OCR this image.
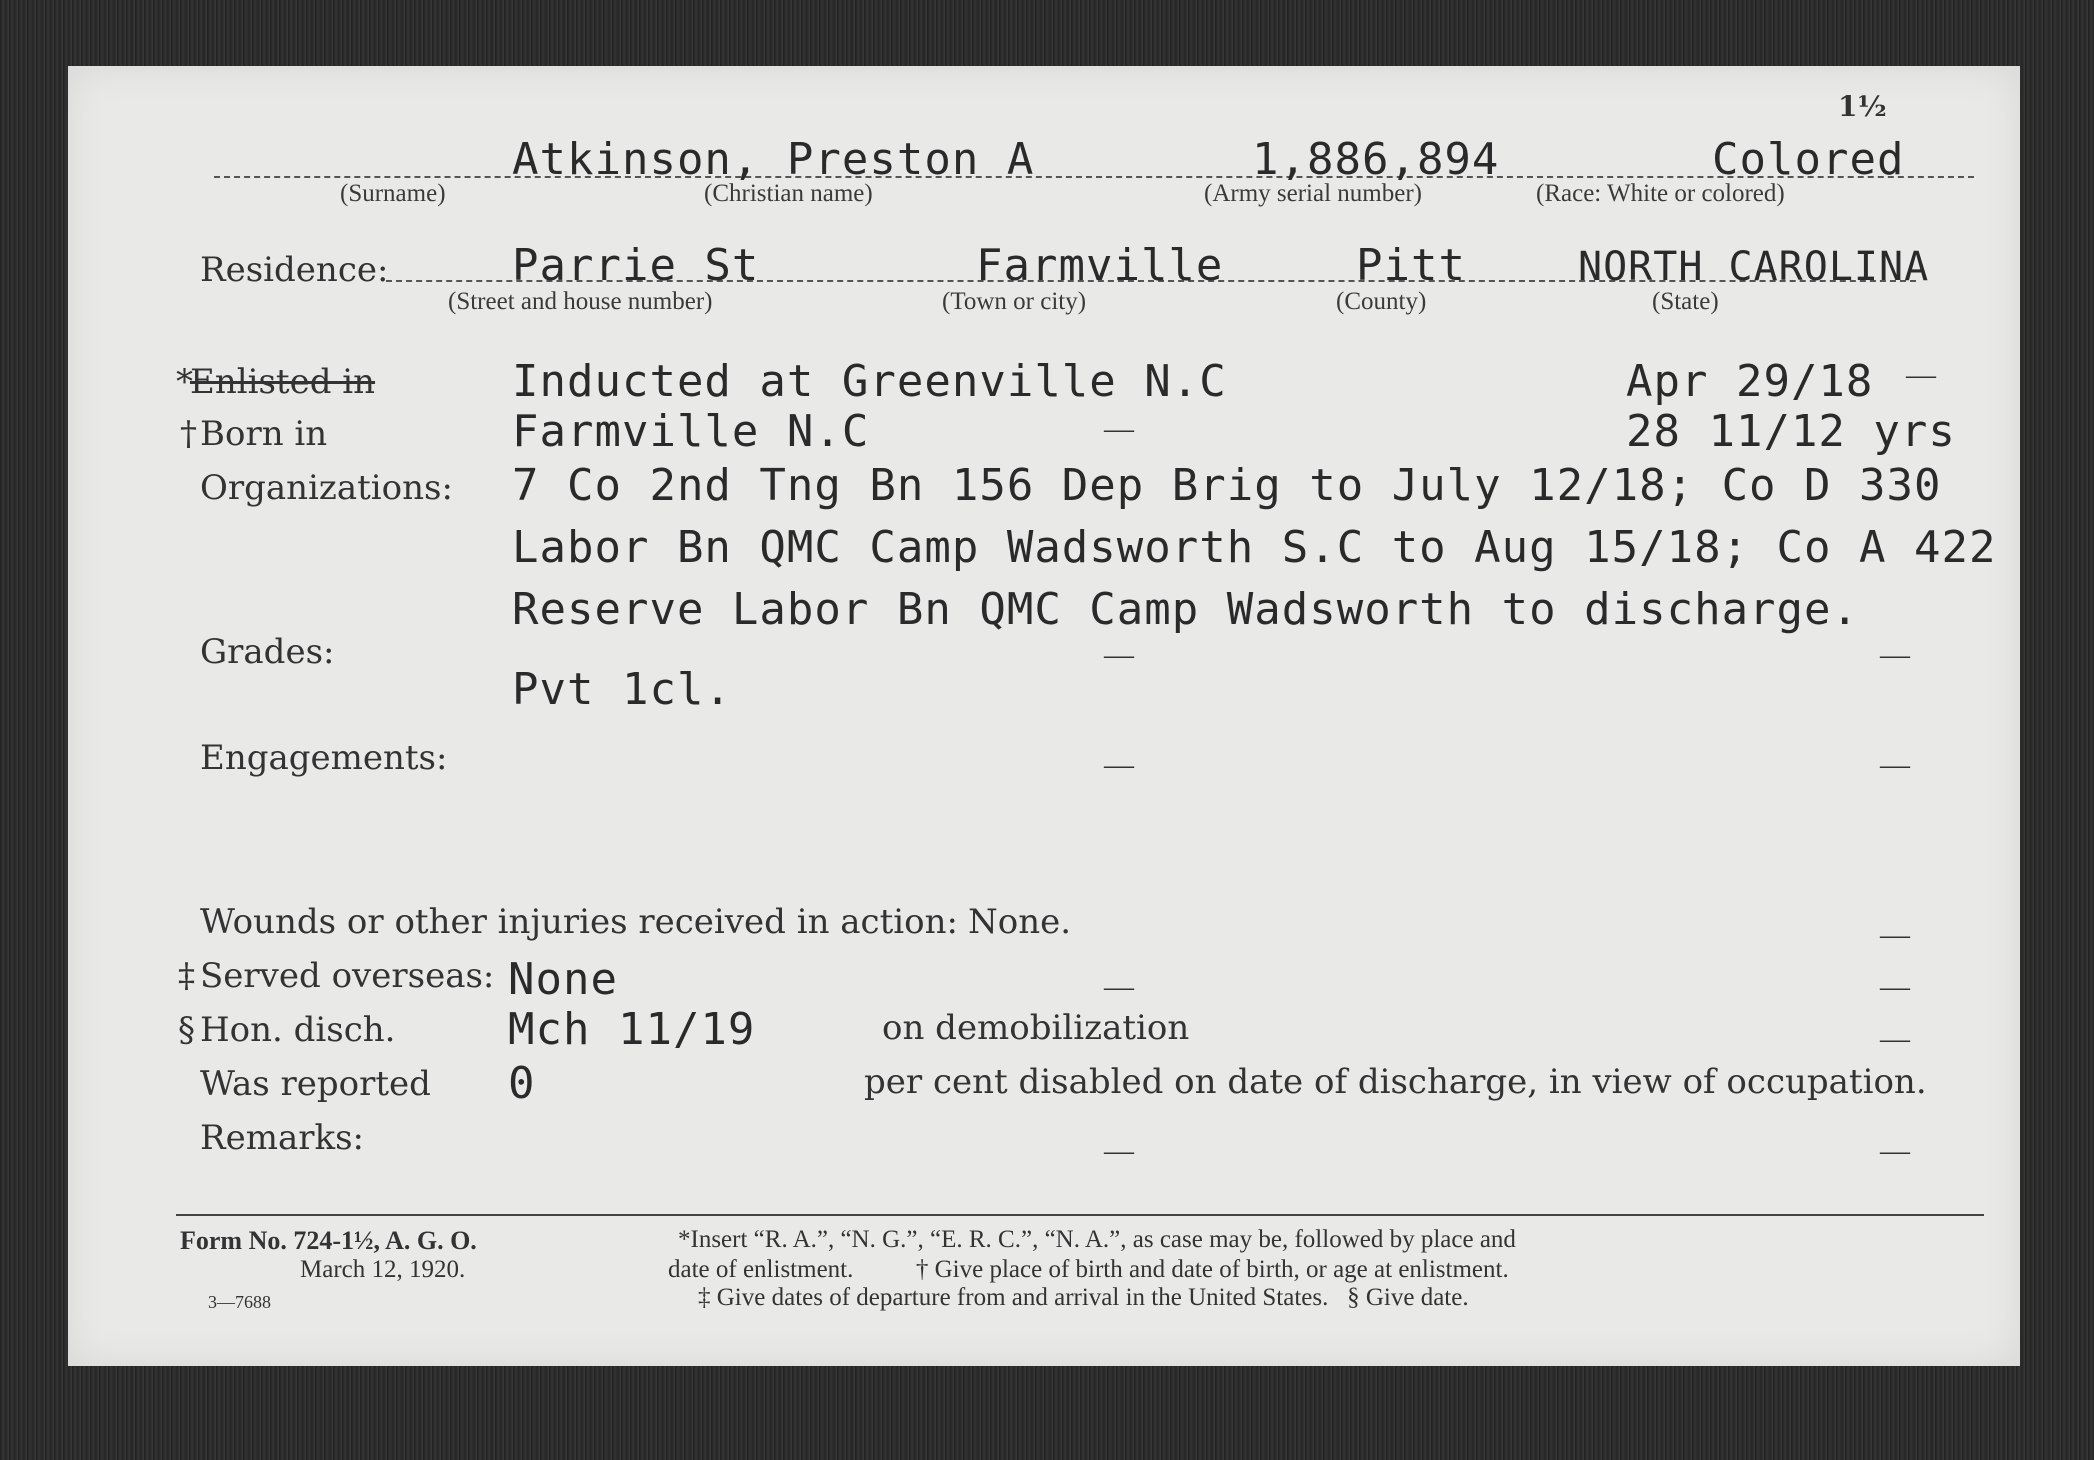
1½
Atkinson, Preston A	1,886,894	Colored
(Surname)	(Christian name)	(Army serial number)	(Race: White or colored)
Residence:	Parrie St	Farmville	Pitt	NORTH CAROLINA
(Street and house number)	(Town or city)	(County)	(State)
*
Enlisted in	Inducted at Greenville N.C	Apr 29/18 —
† Born in	Farmville N.C	—	28 11/12 yrs
Organizations: 7 Co 2nd Tng Bn 156 Dep Brig to July 12/18; Co D 330
Labor Bn QMC Camp Wadsworth S.C to Aug 15/18; Co A 422
Reserve Labor Bn QMC Camp Wadsworth to discharge.
Grades:	—	—
Pvt 1cl.
Engagements:	—	—
Wounds or other injuries received in action: None.	—
‡ Served overseas: None	—	—
§ Hon. disch.	Mch 11/19	on demobilization	—
Was reported 0	per cent disabled on date of discharge, in view of occupation.
Remarks:	—	—
Form No. 724-1½, A. G. O.
March 12, 1920.
3—7688
*Insert “R. A.”, “N. G.”, “E. R. C.”, “N. A.”, as case may be, followed by place and
date of enlistment.          † Give place of birth and date of birth, or age at enlistment.
‡ Give dates of departure from and arrival in the United States.   § Give date.
